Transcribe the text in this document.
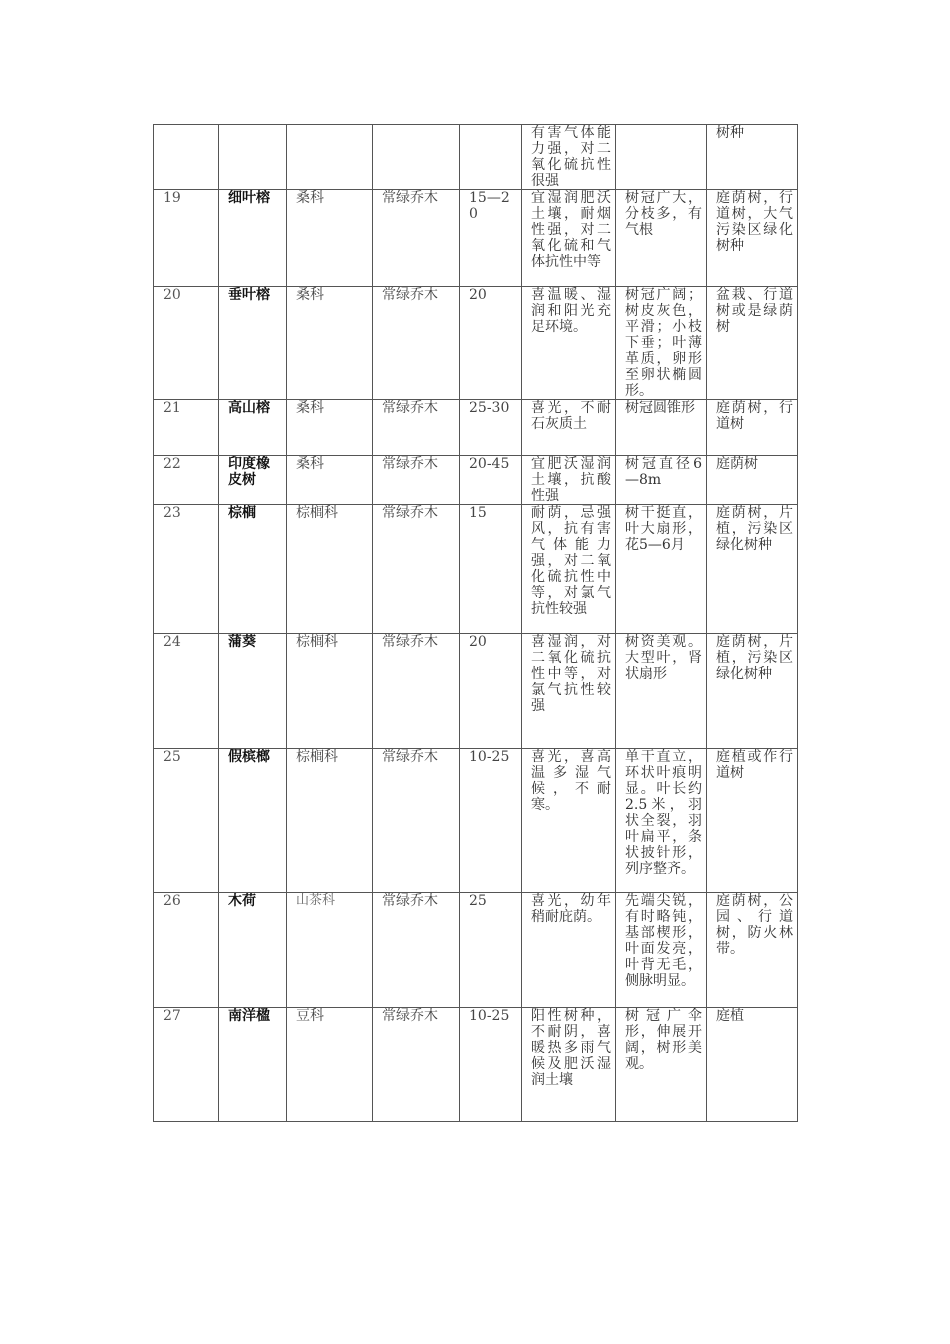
					有害气体能力强，对二氧化硫抗性很强		树种
19	细叶榕	桑科	常绿乔木	15—20	宜湿润肥沃土壤，耐烟性强，对二氧化硫和气体抗性中等	树冠广大，分枝多，有气根	庭荫树，行道树，大气污染区绿化树种
20	垂叶榕	桑科	常绿乔木	20	喜温暖、湿润和阳光充足环境。	树冠广阔；树皮灰色，平滑；小枝下垂；叶薄革质，卵形至卵状椭圆形。	盆栽、行道树或是绿荫树
21	高山榕	桑科	常绿乔木	25-30	喜光，不耐石灰质土	树冠圆锥形	庭荫树，行道树
22	印度橡皮树	桑科	常绿乔木	20-45	宜肥沃湿润土壤，抗酸性强	树冠直径6—8m	庭荫树
23	棕榈	棕榈科	常绿乔木	15	耐荫，忌强风，抗有害气体能力强，对二氧化硫抗性中等，对氯气抗性较强	树干挺直，叶大扇形，花5—6月	庭荫树，片植，污染区绿化树种
24	蒲葵	棕榈科	常绿乔木	20	喜湿润，对二氧化硫抗性中等，对氯气抗性较强	树资美观。大型叶，肾状扇形	庭荫树，片植，污染区绿化树种
25	假槟榔	棕榈科	常绿乔木	10-25	喜光，喜高温多湿气候，不耐寒。	单干直立，环状叶痕明显。叶长约2.5米，羽状全裂，羽叶扁平，条状披针形，列序整齐。	庭植或作行道树
26	木荷	山茶科	常绿乔木	25	喜光，幼年稍耐庇荫。	先端尖锐，有时略钝，基部楔形，叶面发亮，叶背无毛，侧脉明显。	庭荫树，公园、行道树，防火林带。
27	南洋楹	豆科	常绿乔木	10-25	阳性树种，不耐阴，喜暖热多雨气候及肥沃湿润土壤	树冠广伞形，伸展开阔，树形美观。	庭植
